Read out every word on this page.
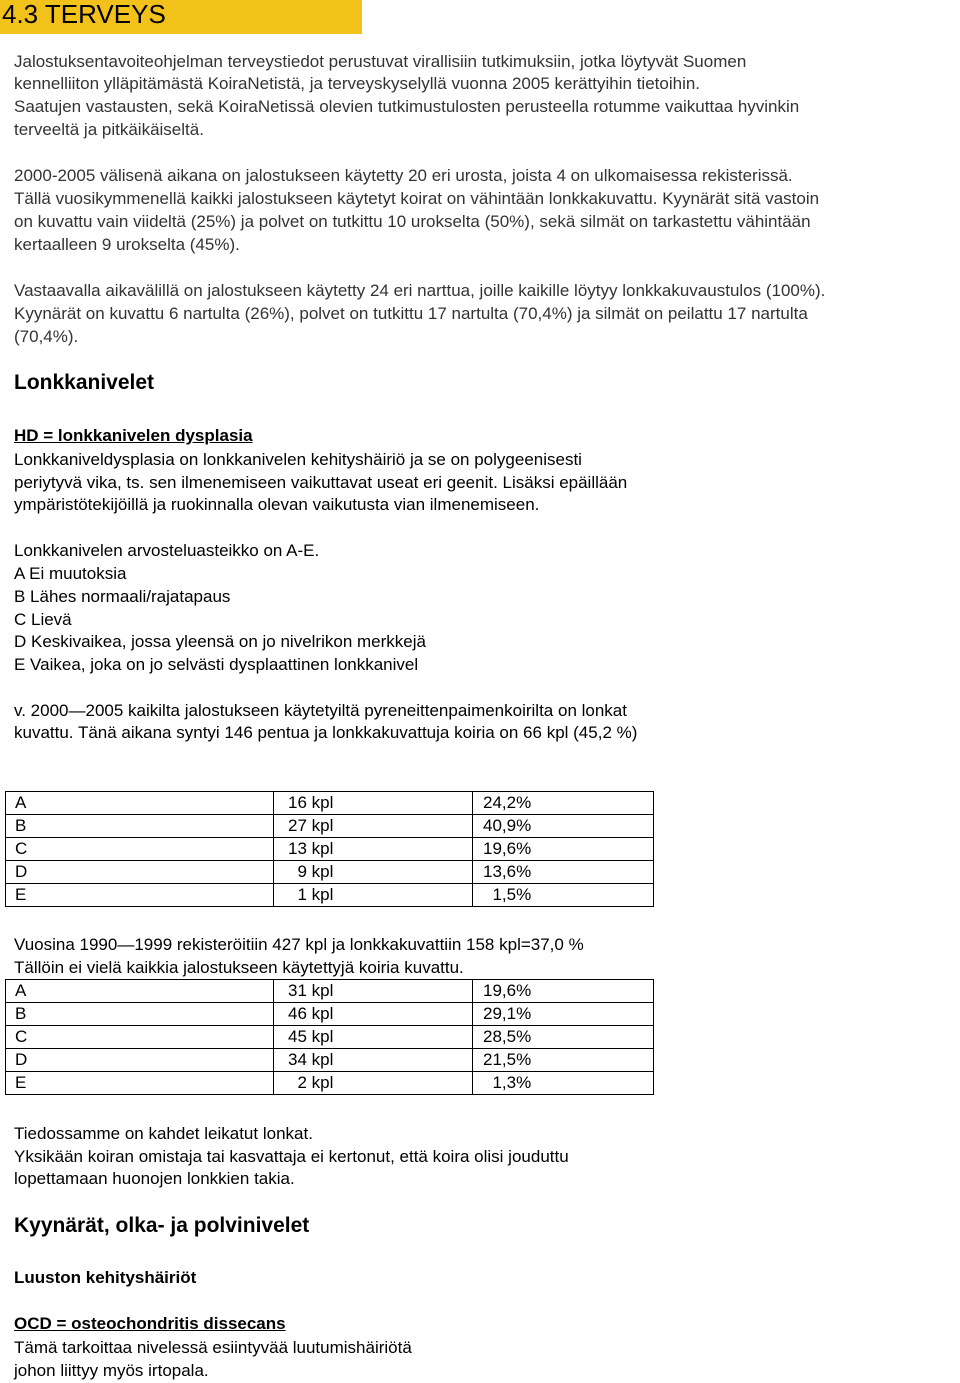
4.3 TERVEYS
Jalostuksentavoiteohjelman terveystiedot perustuvat virallisiin tutkimuksiin, jotka löytyvät Suomen
kennelliiton ylläpitämästä KoiraNetistä, ja terveyskyselyllä vuonna 2005 kerättyihin tietoihin.
Saatujen vastausten, sekä KoiraNetissä olevien tutkimustulosten perusteella rotumme vaikuttaa hyvinkin
terveeltä ja pitkäikäiseltä.
2000-2005 välisenä aikana on jalostukseen käytetty 20 eri urosta, joista 4 on ulkomaisessa rekisterissä.
Tällä vuosikymmenellä kaikki jalostukseen käytetyt koirat on vähintään lonkkakuvattu. Kyynärät sitä vastoin
on kuvattu vain viideltä (25%) ja polvet on tutkittu 10 urokselta (50%), sekä silmät on tarkastettu vähintään
kertaalleen 9 urokselta (45%).
Vastaavalla aikavälillä on jalostukseen käytetty 24 eri narttua, joille kaikille löytyy lonkkakuvaustulos (100%).
Kyynärät on kuvattu 6 nartulta (26%), polvet on tutkittu 17 nartulta (70,4%) ja silmät on peilattu 17 nartulta
(70,4%).
Lonkkanivelet
HD = lonkkanivelen dysplasia
Lonkkaniveldysplasia on lonkkanivelen kehityshäiriö ja se on polygeenisesti
periytyvä vika, ts. sen ilmenemiseen vaikuttavat useat eri geenit. Lisäksi epäillään
ympäristötekijöillä ja ruokinnalla olevan vaikutusta vian ilmenemiseen.
Lonkkanivelen arvosteluasteikko on A-E.
A Ei muutoksia
B Lähes normaali/rajatapaus
C Lievä
D Keskivaikea, jossa yleensä on jo nivelrikon merkkejä
E Vaikea, joka on jo selvästi dysplaattinen lonkkanivel
v. 2000—2005 kaikilta jalostukseen käytetyiltä pyreneittenpaimenkoirilta on lonkat
kuvattu. Tänä aikana syntyi 146 pentua ja lonkkakuvattuja koiria on 66 kpl (45,2 %)
A	16 kpl	24,2%
B	27 kpl	40,9%
C	13 kpl	19,6%
D	9 kpl	13,6%
E	1 kpl	1,5%
Vuosina 1990—1999 rekisteröitiin 427 kpl ja lonkkakuvattiin 158 kpl=37,0 %
Tällöin ei vielä kaikkia jalostukseen käytettyjä koiria kuvattu.
A	31 kpl	19,6%
B	46 kpl	29,1%
C	45 kpl	28,5%
D	34 kpl	21,5%
E	2 kpl	1,3%
Tiedossamme on kahdet leikatut lonkat.
Yksikään koiran omistaja tai kasvattaja ei kertonut, että koira olisi jouduttu
lopettamaan huonojen lonkkien takia.
Kyynärät, olka- ja polvinivelet
Luuston kehityshäiriöt
OCD = osteochondritis dissecans
Tämä tarkoittaa nivelessä esiintyvää luutumishäiriötä
johon liittyy myös irtopala.
